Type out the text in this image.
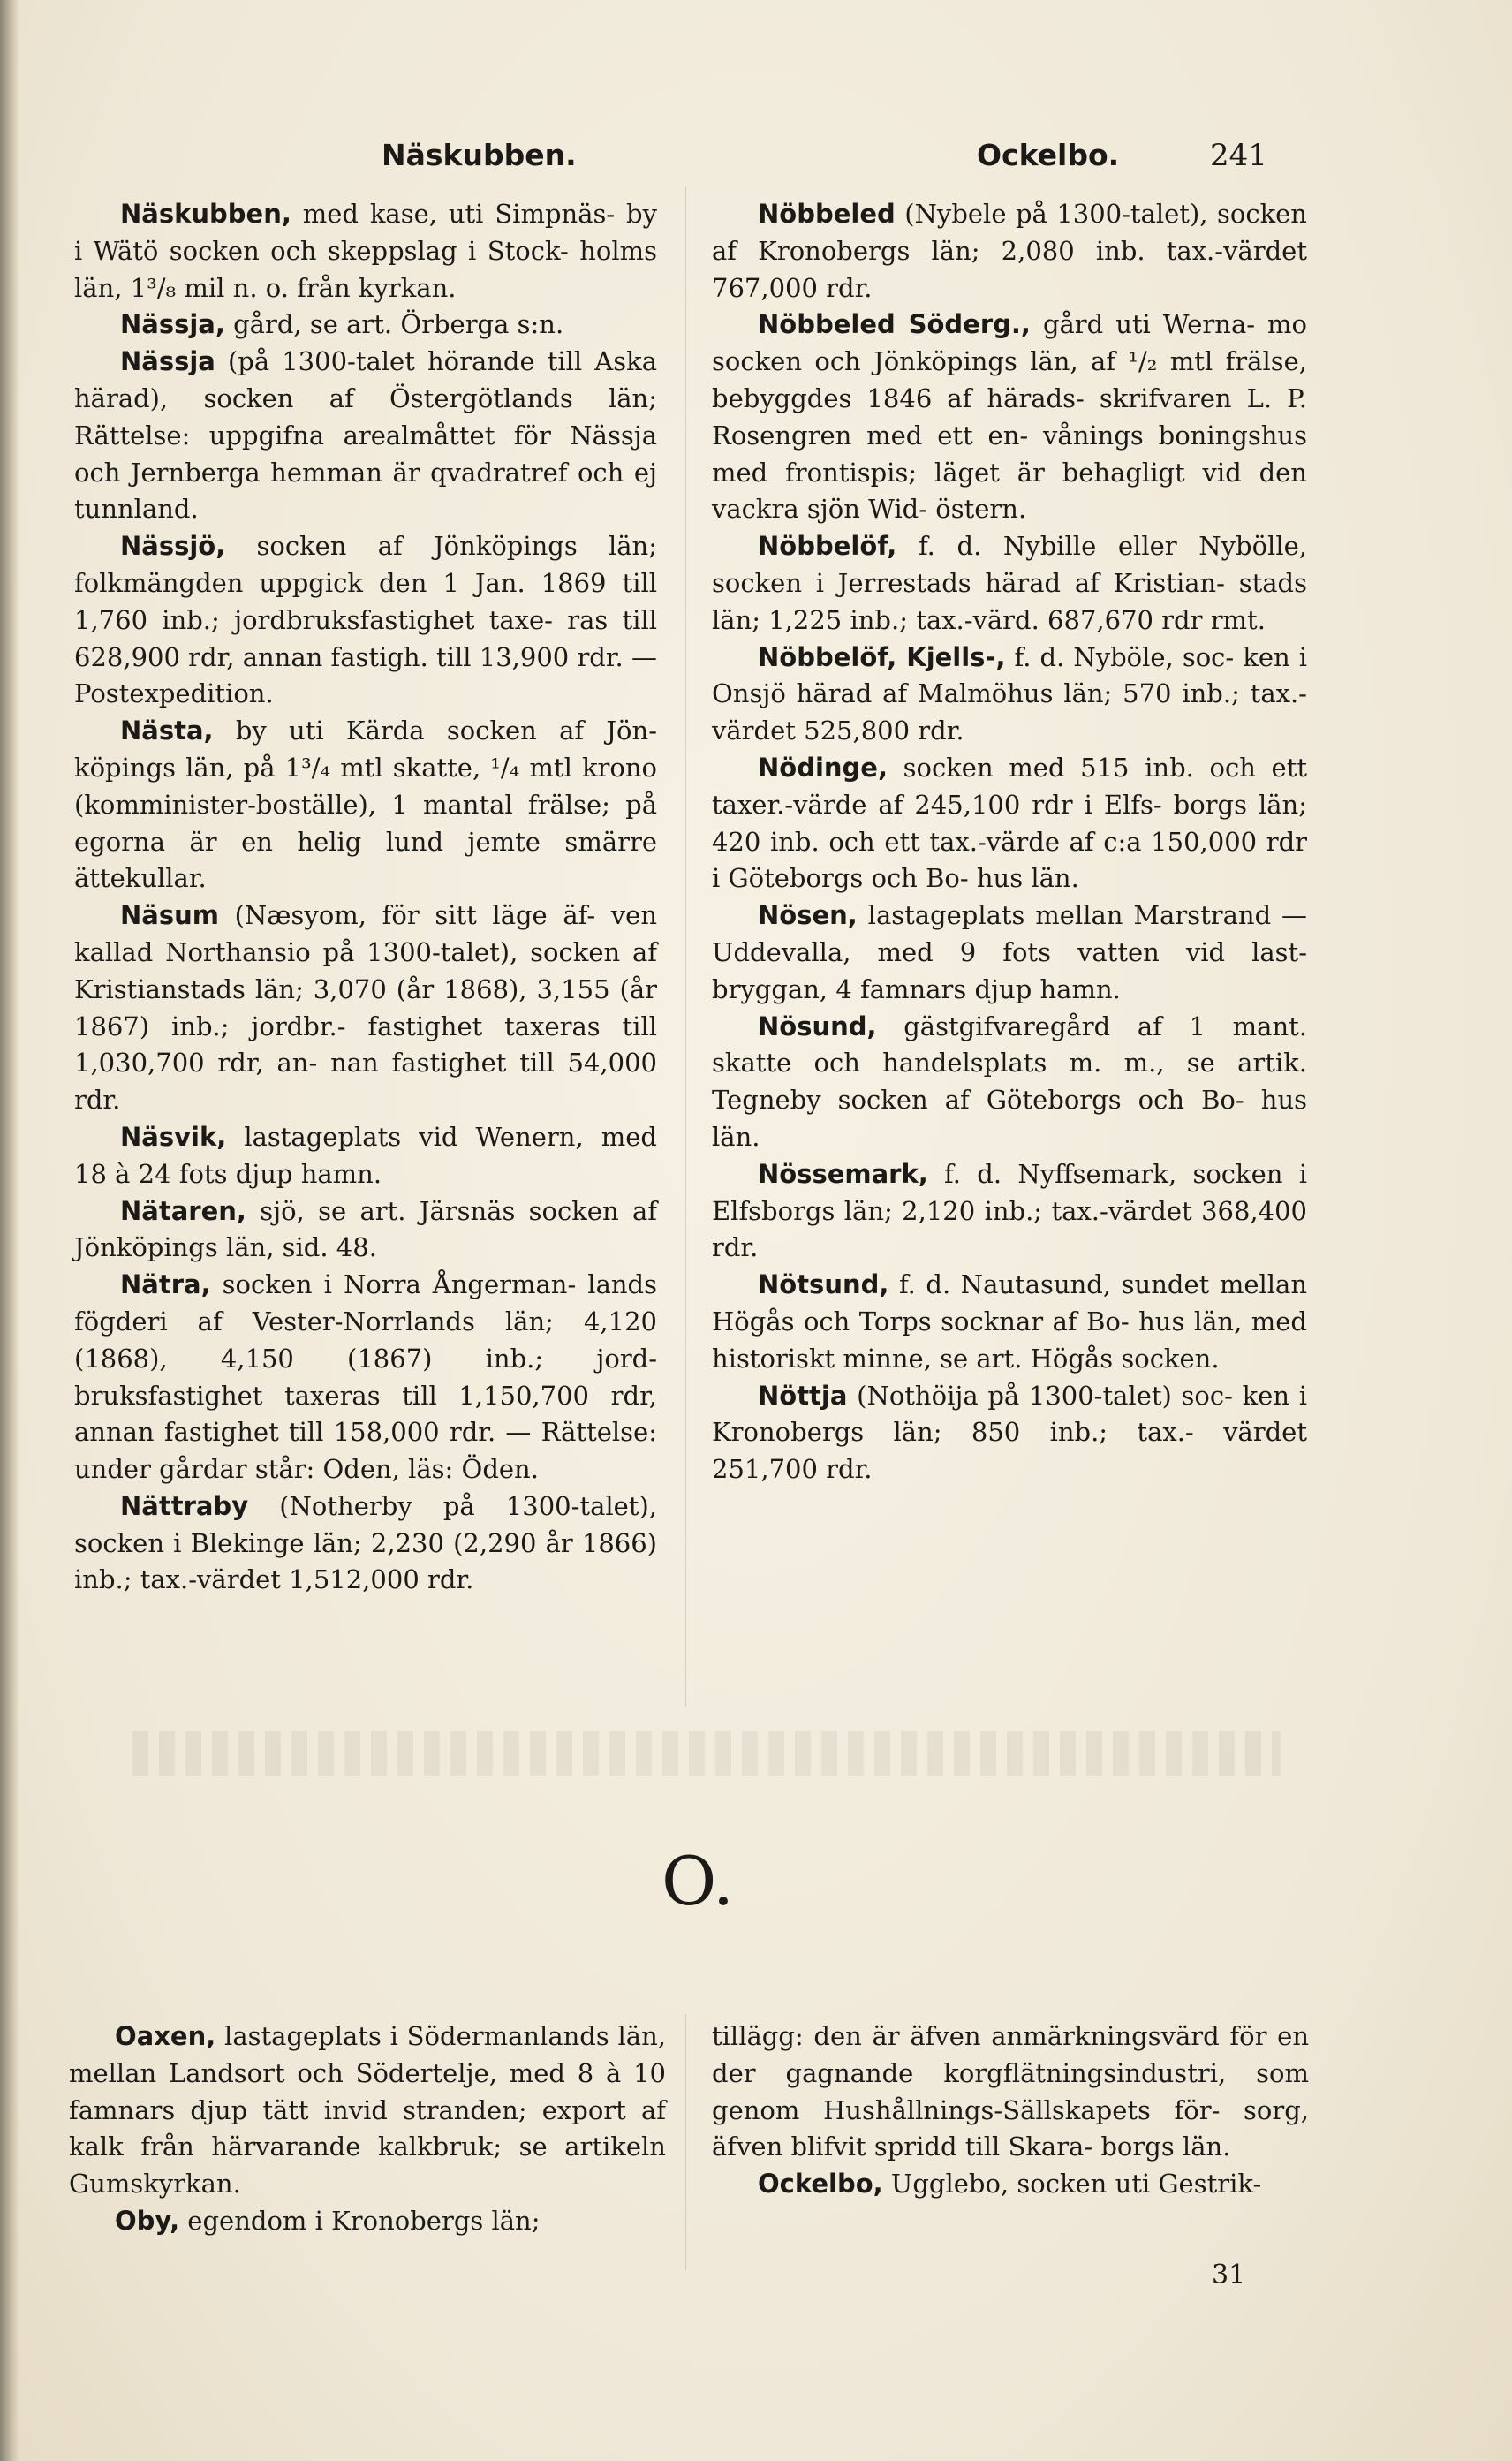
Näskubben.	Ockelbo.	241

Näskubben, med kase, uti Simpnäs- by i Wätö socken och skeppslag i Stock- holms län, 1³/₈ mil n. o. från kyrkan.

Nässja, gård, se art. Örberga s:n.

Nässja (på 1300-talet hörande till Aska härad), socken af Östergötlands län; Rättelse: uppgifna arealmåttet för Nässja och Jernberga hemman är qvadratref och ej tunnland.

Nässjö, socken af Jönköpings län; folkmängden uppgick den 1 Jan. 1869 till 1,760 inb.; jordbruksfastighet taxe- ras till 628,900 rdr, annan fastigh. till 13,900 rdr. — Postexpedition.

Nästa, by uti Kärda socken af Jön- köpings län, på 1³/₄ mtl skatte, ¹/₄ mtl krono (komminister-boställe), 1 mantal frälse; på egorna är en helig lund jemte smärre ättekullar.

Näsum (Næsyom, för sitt läge äf- ven kallad Northansio på 1300-talet), socken af Kristianstads län; 3,070 (år 1868), 3,155 (år 1867) inb.; jordbr.- fastighet taxeras till 1,030,700 rdr, an- nan fastighet till 54,000 rdr.

Näsvik, lastageplats vid Wenern, med 18 à 24 fots djup hamn.

Nätaren, sjö, se art. Järsnäs socken af Jönköpings län, sid. 48.

Nätra, socken i Norra Ångerman- lands fögderi af Vester-Norrlands län; 4,120 (1868), 4,150 (1867) inb.; jord- bruksfastighet taxeras till 1,150,700 rdr, annan fastighet till 158,000 rdr. — Rättelse: under gårdar står: Oden, läs: Öden.

Nättraby (Notherby på 1300-talet), socken i Blekinge län; 2,230 (2,290 år 1866) inb.; tax.-värdet 1,512,000 rdr.

Nöbbeled (Nybele på 1300-talet), socken af Kronobergs län; 2,080 inb. tax.-värdet 767,000 rdr.

Nöbbeled Söderg., gård uti Werna- mo socken och Jönköpings län, af ¹/₂ mtl frälse, bebyggdes 1846 af härads- skrifvaren L. P. Rosengren med ett en- vånings boningshus med frontispis; läget är behagligt vid den vackra sjön Wid- östern.

Nöbbelöf, f. d. Nybille eller Nybölle, socken i Jerrestads härad af Kristian- stads län; 1,225 inb.; tax.-värd. 687,670 rdr rmt.

Nöbbelöf, Kjells-, f. d. Nyböle, soc- ken i Onsjö härad af Malmöhus län; 570 inb.; tax.-värdet 525,800 rdr.

Nödinge, socken med 515 inb. och ett taxer.-värde af 245,100 rdr i Elfs- borgs län; 420 inb. och ett tax.-värde af c:a 150,000 rdr i Göteborgs och Bo- hus län.

Nösen, lastageplats mellan Marstrand —Uddevalla, med 9 fots vatten vid last- bryggan, 4 famnars djup hamn.

Nösund, gästgifvaregård af 1 mant. skatte och handelsplats m. m., se artik. Tegneby socken af Göteborgs och Bo- hus län.

Nössemark, f. d. Nyffsemark, socken i Elfsborgs län; 2,120 inb.; tax.-värdet 368,400 rdr.

Nötsund, f. d. Nautasund, sundet mellan Högås och Torps socknar af Bo- hus län, med historiskt minne, se art. Högås socken.

Nöttja (Nothöija på 1300-talet) soc- ken i Kronobergs län; 850 inb.; tax.- värdet 251,700 rdr.

O.

Oaxen, lastageplats i Södermanlands län, mellan Landsort och Södertelje, med 8 à 10 famnars djup tätt invid stranden; export af kalk från härvarande kalkbruk; se artikeln Gumskyrkan.

Oby, egendom i Kronobergs län;

tillägg: den är äfven anmärkningsvärd för en der gagnande korgflätningsindustri, som genom Hushållnings-Sällskapets för- sorg, äfven blifvit spridd till Skara- borgs län.

Ockelbo, Ugglebo, socken uti Gestrik-

31
